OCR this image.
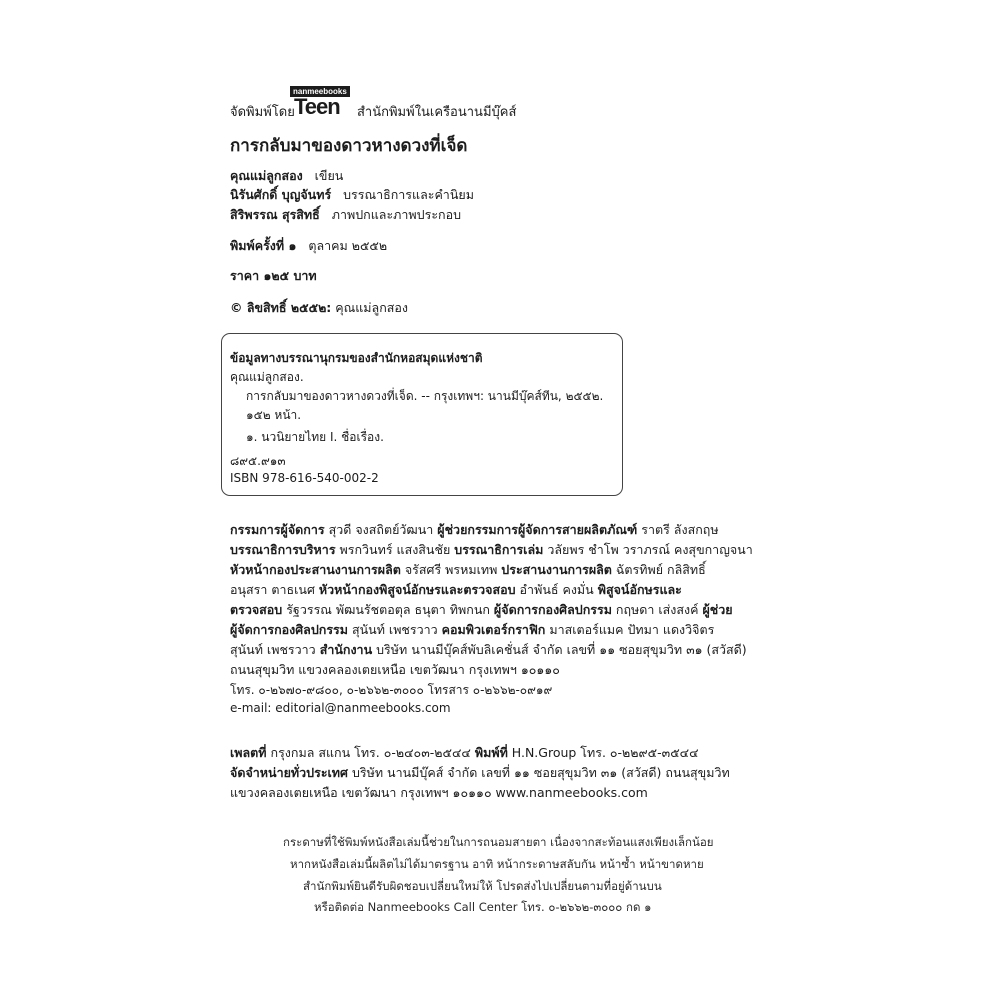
จัดพิมพ์โดย
nanmeebooks
Teen สำนักพิมพ์ในเครือนานมีบุ๊คส์
การกลับมาของดาวหางดวงที่เจ็ด
คุณแม่ลูกสอง เขียน
นิรันศักดิ์ บุญจันทร์ บรรณาธิการและคำนิยม
สิริพรรณ สุรสิทธิ์ ภาพปกและภาพประกอบ
พิมพ์ครั้งที่ ๑ ตุลาคม ๒๕๕๒
ราคา ๑๒๕ บาท
© ลิขสิทธิ์ ๒๕๕๒: คุณแม่ลูกสอง
ข้อมูลทางบรรณานุกรมของสำนักหอสมุดแห่งชาติ
คุณแม่ลูกสอง.
การกลับมาของดาวหางดวงที่เจ็ด. -- กรุงเทพฯ: นานมีบุ๊คส์ทีน, ๒๕๕๒.
๑๕๒ หน้า.
๑. นวนิยายไทย I. ชื่อเรื่อง.
๘๙๕.๙๑๓
ISBN 978-616-540-002-2
กรรมการผู้จัดการ สุวดี จงสถิตย์วัฒนา ผู้ช่วยกรรมการผู้จัดการสายผลิตภัณฑ์ ราตรี ลังสกฤษ
บรรณาธิการบริหาร พรกวินทร์ แสงสินชัย บรรณาธิการเล่ม วลัยพร ชำโพ วราภรณ์ คงสุขกาญจนา
หัวหน้ากองประสานงานการผลิต จรัสศรี พรหมเทพ ประสานงานการผลิต ฉัตรทิพย์ กลิสิทธิ์
อนุสรา ตาธเนศ หัวหน้ากองพิสูจน์อักษรและตรวจสอบ อำพันธ์ คงมั่น พิสูจน์อักษรและ
ตรวจสอบ รัฐวรรณ พัฒนรัชตอตุล ธนุตา ทิพกนก ผู้จัดการกองศิลปกรรม กฤษดา เส่งสงค์ ผู้ช่วย
ผู้จัดการกองศิลปกรรม สุนันท์ เพชรวาว คอมพิวเตอร์กราฟิก มาสเตอร์แมค ปัทมา แดงวิจิตร
สุนันท์ เพชรวาว สำนักงาน บริษัท นานมีบุ๊คส์พับลิเคชั่นส์ จำกัด เลขที่ ๑๑ ซอยสุขุมวิท ๓๑ (สวัสดี)
ถนนสุขุมวิท แขวงคลองเตยเหนือ เขตวัฒนา กรุงเทพฯ ๑๐๑๑๐
โทร. ๐-๒๖๗๐-๙๘๐๐, ๐-๒๖๖๒-๓๐๐๐ โทรสาร ๐-๒๖๖๒-๐๙๑๙
e-mail: editorial@nanmeebooks.com
เพลตที่ กรุงกมล สแกน โทร. ๐-๒๔๐๓-๒๕๔๔ พิมพ์ที่ H.N.Group โทร. ๐-๒๒๙๕-๓๕๔๔
จัดจำหน่ายทั่วประเทศ บริษัท นานมีบุ๊คส์ จำกัด เลขที่ ๑๑ ซอยสุขุมวิท ๓๑ (สวัสดี) ถนนสุขุมวิท
แขวงคลองเตยเหนือ เขตวัฒนา กรุงเทพฯ ๑๐๑๑๐ www.nanmeebooks.com
กระดาษที่ใช้พิมพ์หนังสือเล่มนี้ช่วยในการถนอมสายตา เนื่องจากสะท้อนแสงเพียงเล็กน้อย
หากหนังสือเล่มนี้ผลิตไม่ได้มาตรฐาน อาทิ หน้ากระดาษสลับกัน หน้าซ้ำ หน้าขาดหาย
สำนักพิมพ์ยินดีรับผิดชอบเปลี่ยนใหม่ให้ โปรดส่งไปเปลี่ยนตามที่อยู่ด้านบน
หรือติดต่อ Nanmeebooks Call Center โทร. ๐-๒๖๖๒-๓๐๐๐ กด ๑
